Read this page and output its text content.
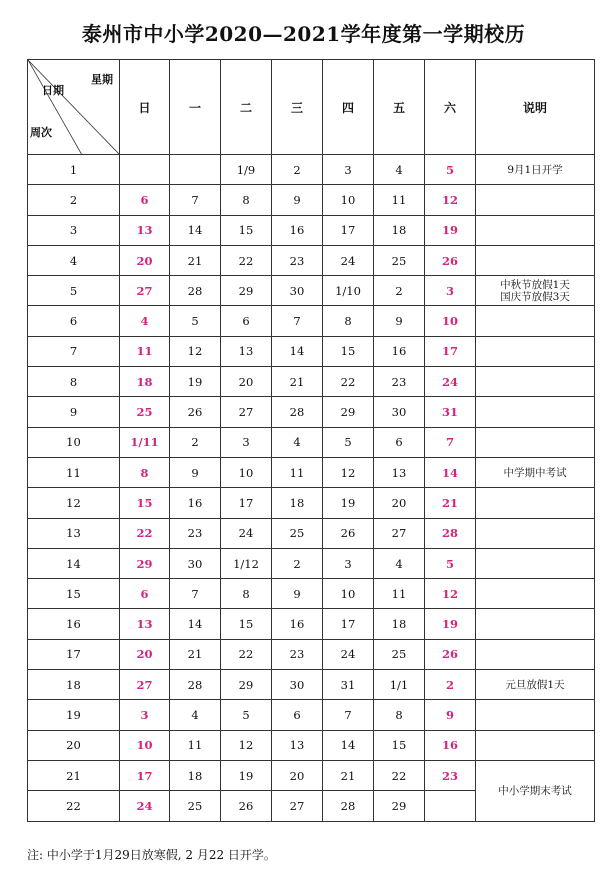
泰州市中小学2020—2021学年度第一学期校历
星期
日期
周次	日	一	二	三	四	五	六	说明
1			1/9	2	3	4	5	9月1日开学
2	6	7	8	9	10	11	12	
3	13	14	15	16	17	18	19	
4	20	21	22	23	24	25	26	
5	27	28	29	30	1/10	2	3	中秋节放假1天
国庆节放假3天

6	4	5	6	7	8	9	10	
7	11	12	13	14	15	16	17	
8	18	19	20	21	22	23	24	
9	25	26	27	28	29	30	31	
10	1/11	2	3	4	5	6	7	
11	8	9	10	11	12	13	14	中学期中考试
12	15	16	17	18	19	20	21	
13	22	23	24	25	26	27	28	
14	29	30	1/12	2	3	4	5	
15	6	7	8	9	10	11	12	
16	13	14	15	16	17	18	19	
17	20	21	22	23	24	25	26	
18	27	28	29	30	31	1/1	2	元旦放假1天
19	3	4	5	6	7	8	9	
20	10	11	12	13	14	15	16	
21	17	18	19	20	21	22	23	中小学期末考试
22	24	25	26	27	28	29		
注: 中小学于1月29日放寒假, 2 月22 日开学。
